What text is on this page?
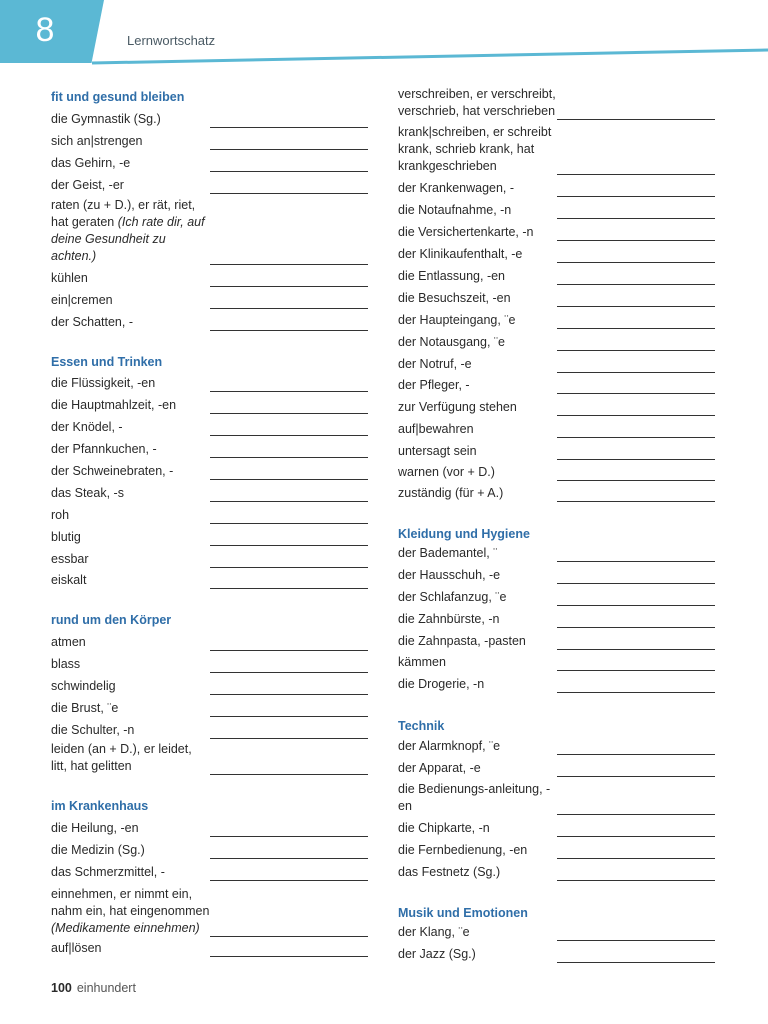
8	Lernwortschatz
fit und gesund bleiben
die Gymnastik (Sg.)
sich an|strengen
das Gehirn, -e
der Geist, -er
raten (zu + D.), er rät, riet, hat geraten (Ich rate dir, auf deine Gesundheit zu achten.)
kühlen
ein|cremen
der Schatten, -
Essen und Trinken
die Flüssigkeit, -en
die Hauptmahlzeit, -en
der Knödel, -
der Pfannkuchen, -
der Schweinebraten, -
das Steak, -s
roh
blutig
essbar
eiskalt
rund um den Körper
atmen
blass
schwindelig
die Brust, ¨e
die Schulter, -n
leiden (an + D.), er leidet, litt, hat gelitten
im Krankenhaus
die Heilung, -en
die Medizin (Sg.)
das Schmerzmittel, -
einnehmen, er nimmt ein, nahm ein, hat eingenommen (Medikamente einnehmen)
auf|lösen
verschreiben, er verschreibt, verschrieb, hat verschrieben
krank|schreiben, er schreibt krank, schrieb krank, hat krankgeschrieben
der Krankenwagen, -
die Notaufnahme, -n
die Versichertenkarte, -n
der Klinikaufenthalt, -e
die Entlassung, -en
die Besuchszeit, -en
der Haupteingang, ¨e
der Notausgang, ¨e
der Notruf, -e
der Pfleger, -
zur Verfügung stehen
auf|bewahren
untersagt sein
warnen (vor + D.)
zuständig (für + A.)
Kleidung und Hygiene
der Bademantel, ¨
der Hausschuh, -e
der Schlafanzug, ¨e
die Zahnbürste, -n
die Zahnpasta, -pasten
kämmen
die Drogerie, -n
Technik
der Alarmknopf, ¨e
der Apparat, -e
die Bedienungs-anleitung, -en
die Chipkarte, -n
die Fernbedienung, -en
das Festnetz (Sg.)
Musik und Emotionen
der Klang, ¨e
der Jazz (Sg.)
100 einhundert
